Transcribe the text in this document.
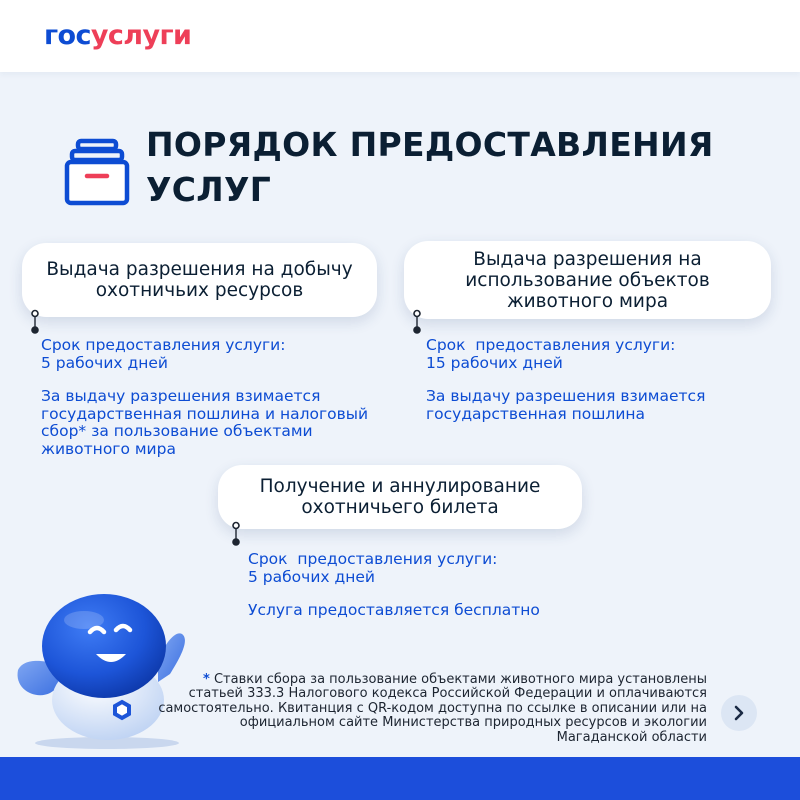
госуслуги
ПОРЯДОК ПРЕДОСТАВЛЕНИЯ УСЛУГ
Выдача разрешения на добычу охотничьих ресурсов
Выдача разрешения на использование объектов животного мира
Получение и аннулирование охотничьего билета

Срок предоставления услуги:
5 рабочих дней

За выдачу разрешения взимается государственная пошлина и налоговый сбор* за пользование объектами животного мира

Срок  предоставления услуги:
15 рабочих дней

За выдачу разрешения взимается государственная пошлина

Срок  предоставления услуги:
5 рабочих дней

Услуга предоставляется бесплатно

* Ставки сбора за пользование объектами животного мира установлены статьей 333.3 Налогового кодекса Российской Федерации и оплачиваются самостоятельно. Квитанция с QR-кодом доступна по ссылке в описании или на официальном сайте Министерства природных ресурсов и экологии Магаданской области
